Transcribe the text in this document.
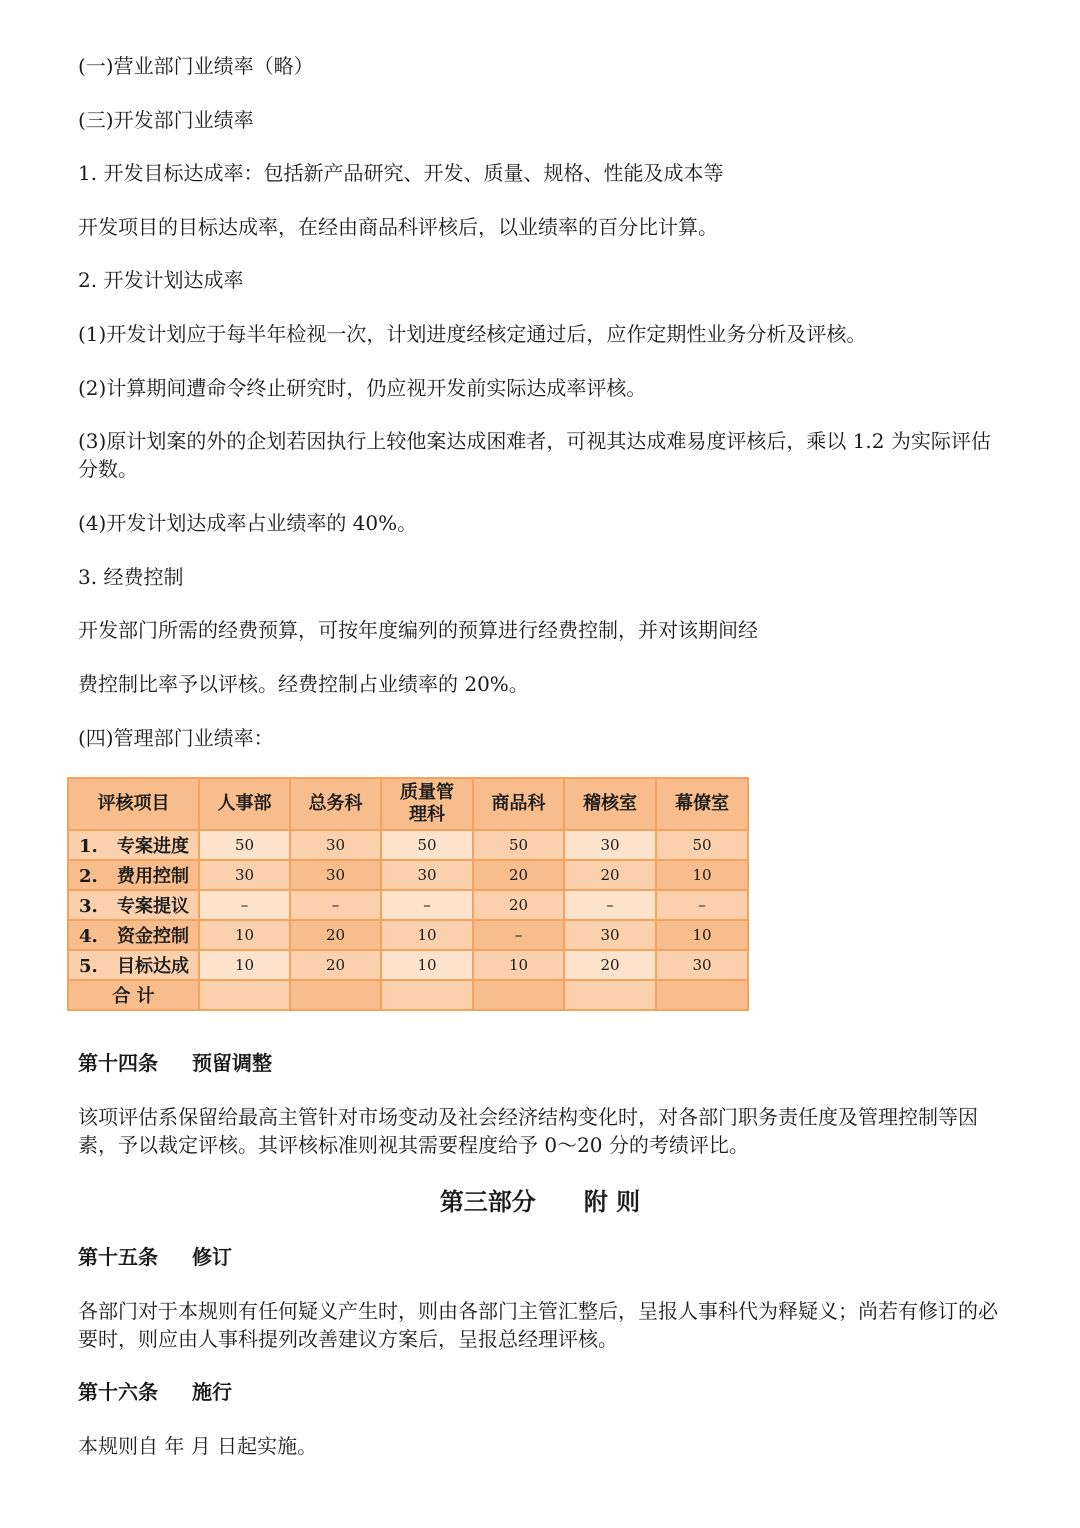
(一)营业部门业绩率（略）
(三)开发部门业绩率
1. 开发目标达成率：包括新产品研究、开发、质量、规格、性能及成本等
开发项目的目标达成率，在经由商品科评核后，以业绩率的百分比计算。
2. 开发计划达成率
(1)开发计划应于每半年检视一次，计划进度经核定通过后，应作定期性业务分析及评核。
(2)计算期间遭命令终止研究时，仍应视开发前实际达成率评核。
(3)原计划案的外的企划若因执行上较他案达成困难者，可视其达成难易度评核后，乘以 1.2 为实际评估分数。
(4)开发计划达成率占业绩率的 40%。
3. 经费控制
开发部门所需的经费预算，可按年度编列的预算进行经费控制，并对该期间经
费控制比率予以评核。经费控制占业绩率的 20%。
(四)管理部门业绩率：
评核项目	人事部	总务科	质量管理科	商品科	稽核室	幕僚室
1. 专案进度	50	30	50	50	30	50
2. 费用控制	30	30	30	20	20	10
3. 专案提议	–	–	–	20	–	–
4. 资金控制	10	20	10	–	30	10
5. 目标达成	10	20	10	10	20	30
合 计						
第十四条 预留调整
该项评估系保留给最高主管针对市场变动及社会经济结构变化时，对各部门职务责任度及管理控制等因素，予以裁定评核。其评核标准则视其需要程度给予 0～20 分的考绩评比。
第三部分 附 则
第十五条 修订
各部门对于本规则有任何疑义产生时，则由各部门主管汇整后，呈报人事科代为释疑义；尚若有修订的必要时，则应由人事科提列改善建议方案后，呈报总经理评核。
第十六条 施行
本规则自 年 月 日起实施。
